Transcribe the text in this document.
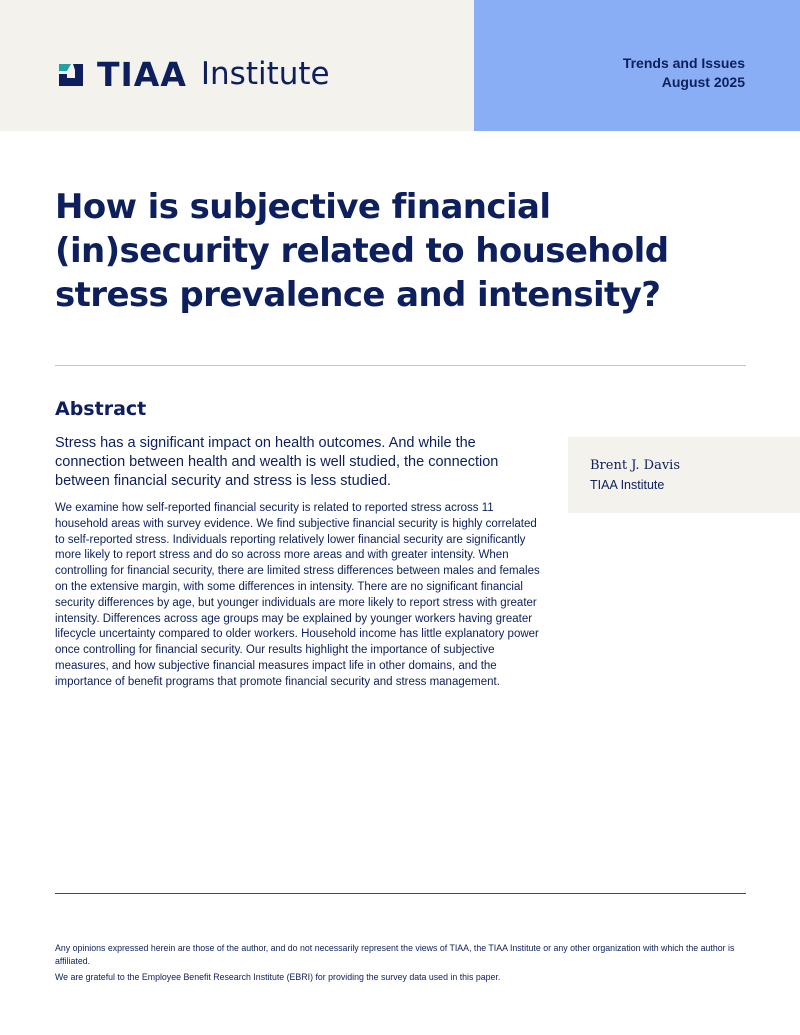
TIAA Institute	Trends and Issues
August 2025
How is subjective financial (in)security related to household stress prevalence and intensity?
Abstract

Stress has a significant impact on health outcomes. And while the connection between health and wealth is well studied, the connection between financial security and stress is less studied.

We examine how self-reported financial security is related to reported stress across 11 household areas with survey evidence. We find subjective financial security is highly correlated to self-reported stress. Individuals reporting relatively lower financial security are significantly more likely to report stress and do so across more areas and with greater intensity. When controlling for financial security, there are limited stress differences between males and females on the extensive margin, with some differences in intensity. There are no significant financial security differences by age, but younger individuals are more likely to report stress with greater intensity. Differences across age groups may be explained by younger workers having greater lifecycle uncertainty compared to older workers. Household income has little explanatory power once controlling for financial security. Our results highlight the importance of subjective measures, and how subjective financial measures impact life in other domains, and the importance of benefit programs that promote financial security and stress management.

Brent J. Davis
TIAA Institute

Any opinions expressed herein are those of the author, and do not necessarily represent the views of TIAA, the TIAA Institute or any other organization with which the author is affiliated.

We are grateful to the Employee Benefit Research Institute (EBRI) for providing the survey data used in this paper.
